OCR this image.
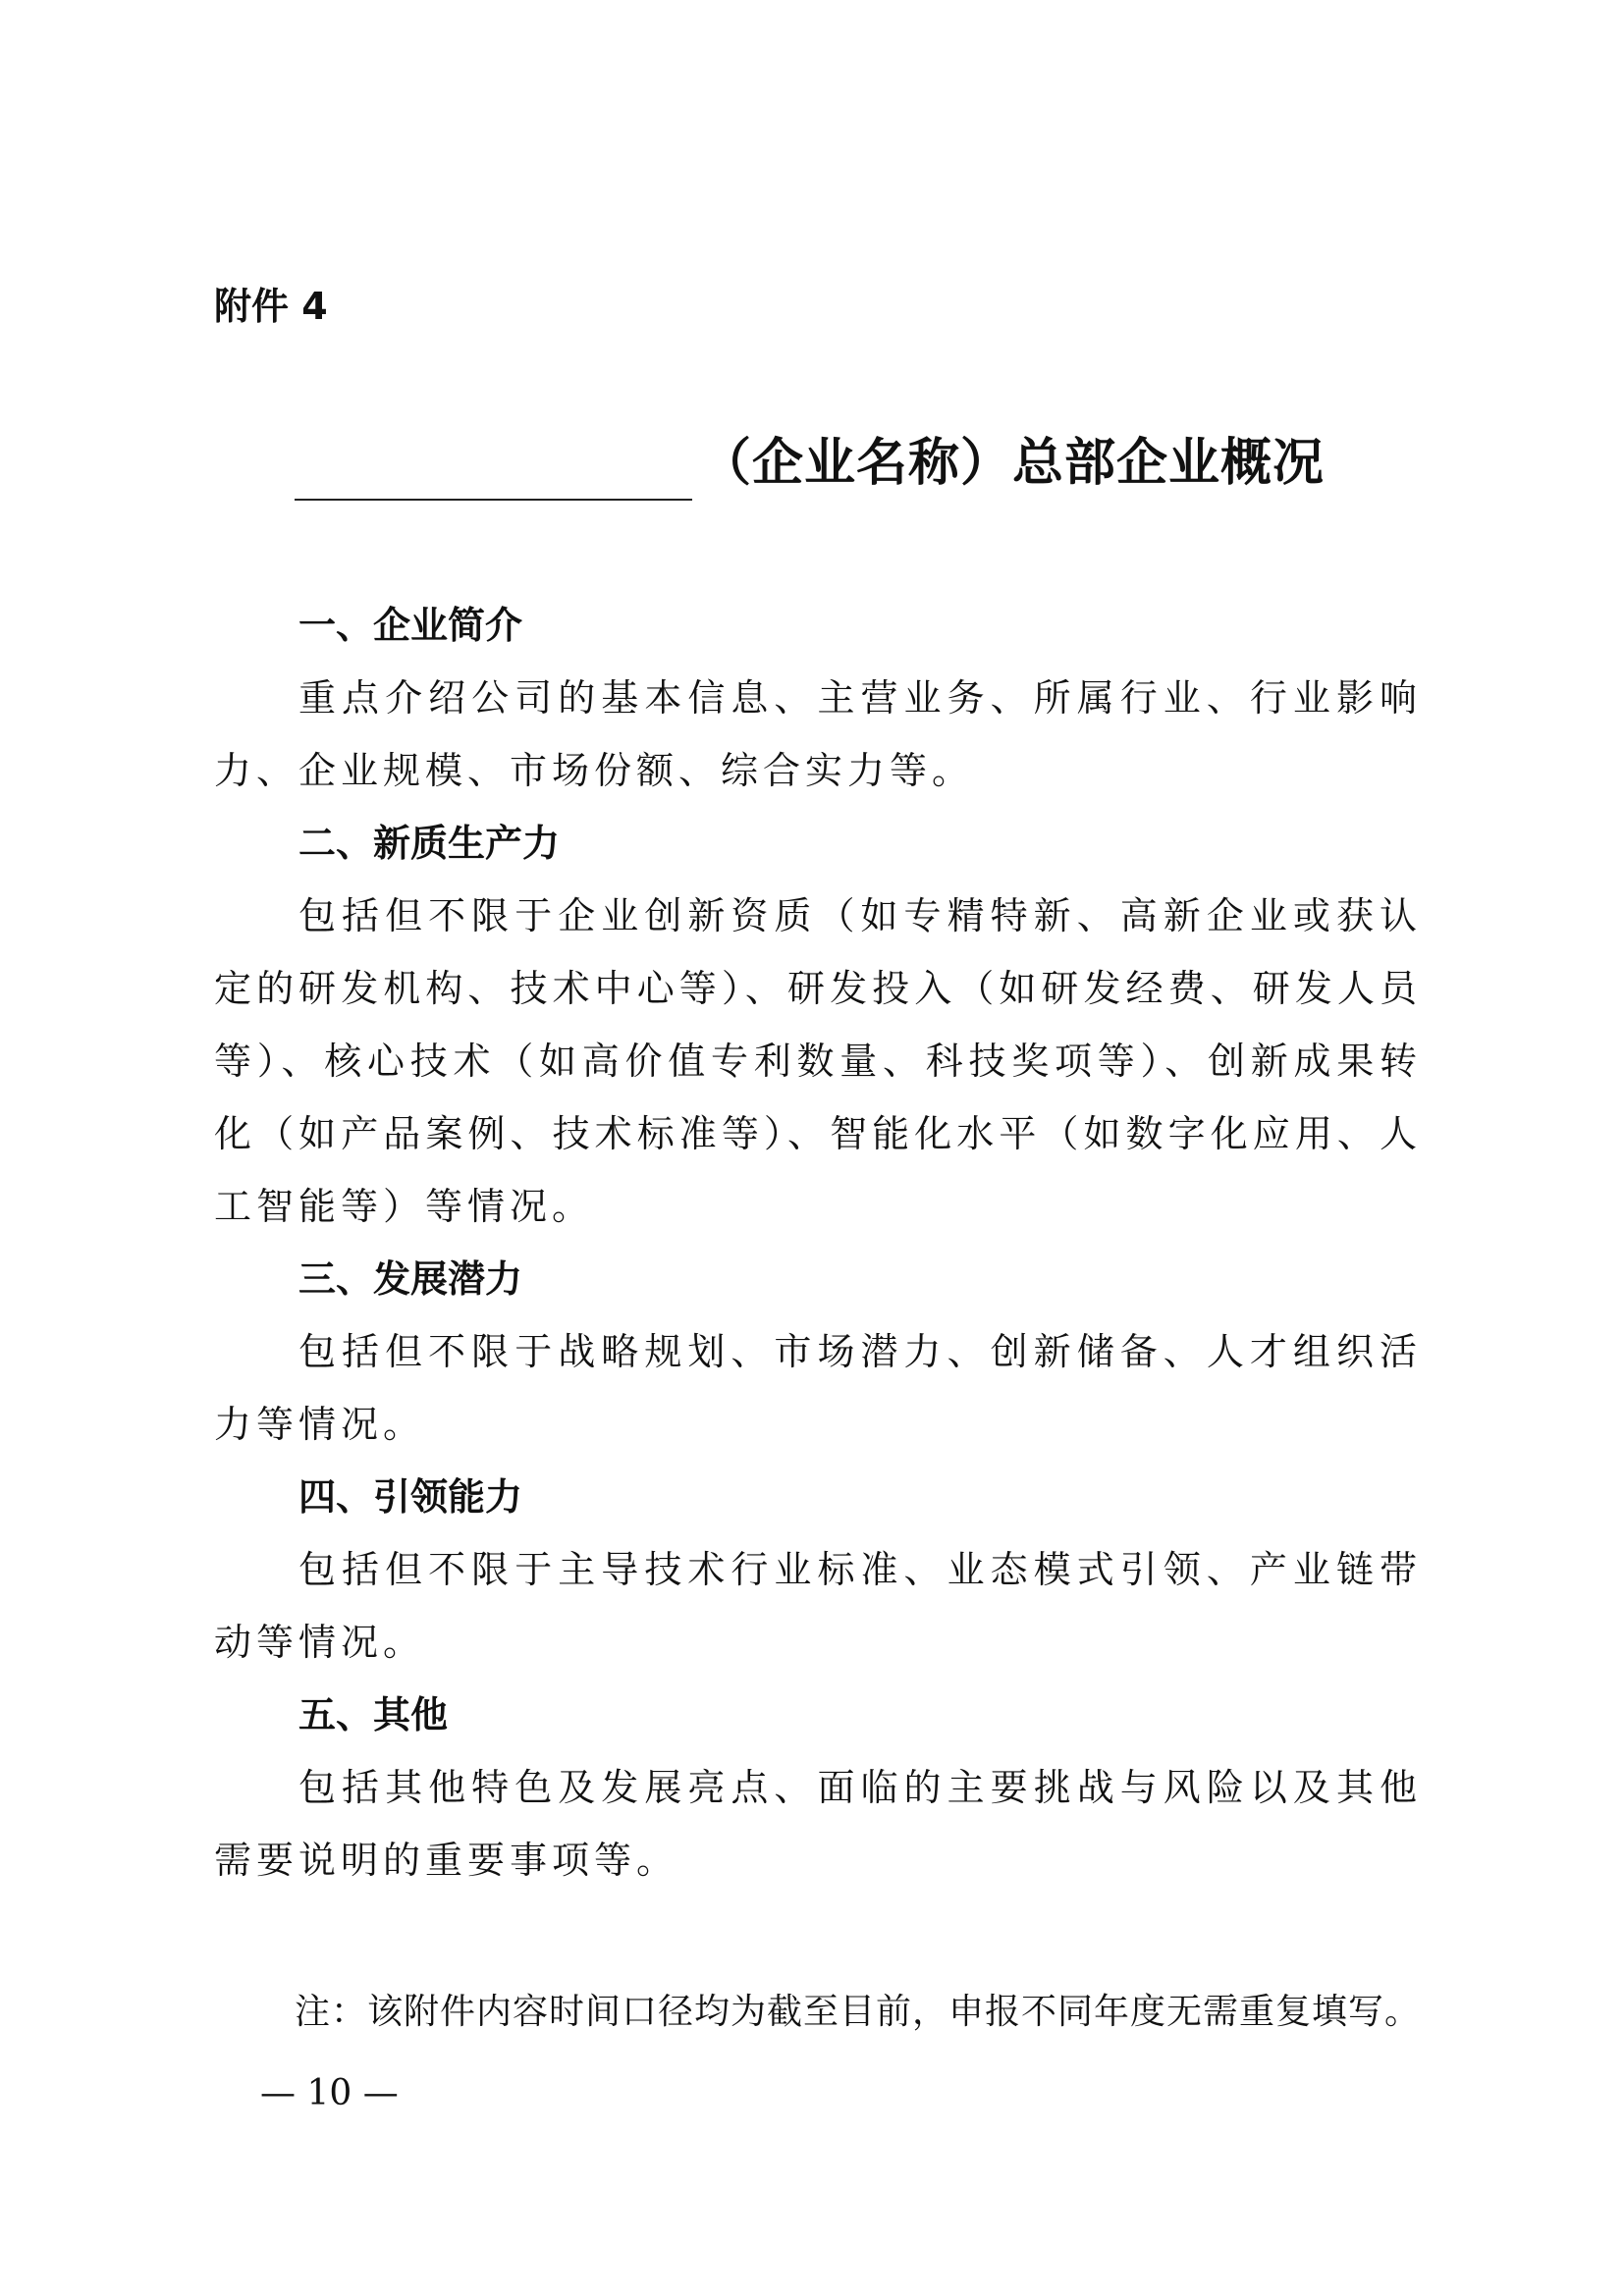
附件 4
（企业名称）总部企业概况

一、企业简介

重点介绍公司的基本信息、主营业务、所属行业、行业影响力、企业规模、市场份额、综合实力等。

二、新质生产力

包括但不限于企业创新资质（如专精特新、高新企业或获认定的研发机构、技术中心等）、研发投入（如研发经费、研发人员等）、核心技术（如高价值专利数量、科技奖项等）、创新成果转化（如产品案例、技术标准等）、智能化水平（如数字化应用、人工智能等）等情况。

三、发展潜力

包括但不限于战略规划、市场潜力、创新储备、人才组织活力等情况。

四、引领能力

包括但不限于主导技术行业标准、业态模式引领、产业链带动等情况。

五、其他

包括其他特色及发展亮点、面临的主要挑战与风险以及其他需要说明的重要事项等。

注：该附件内容时间口径均为截至目前，申报不同年度无需重复填写。
— 10 —
